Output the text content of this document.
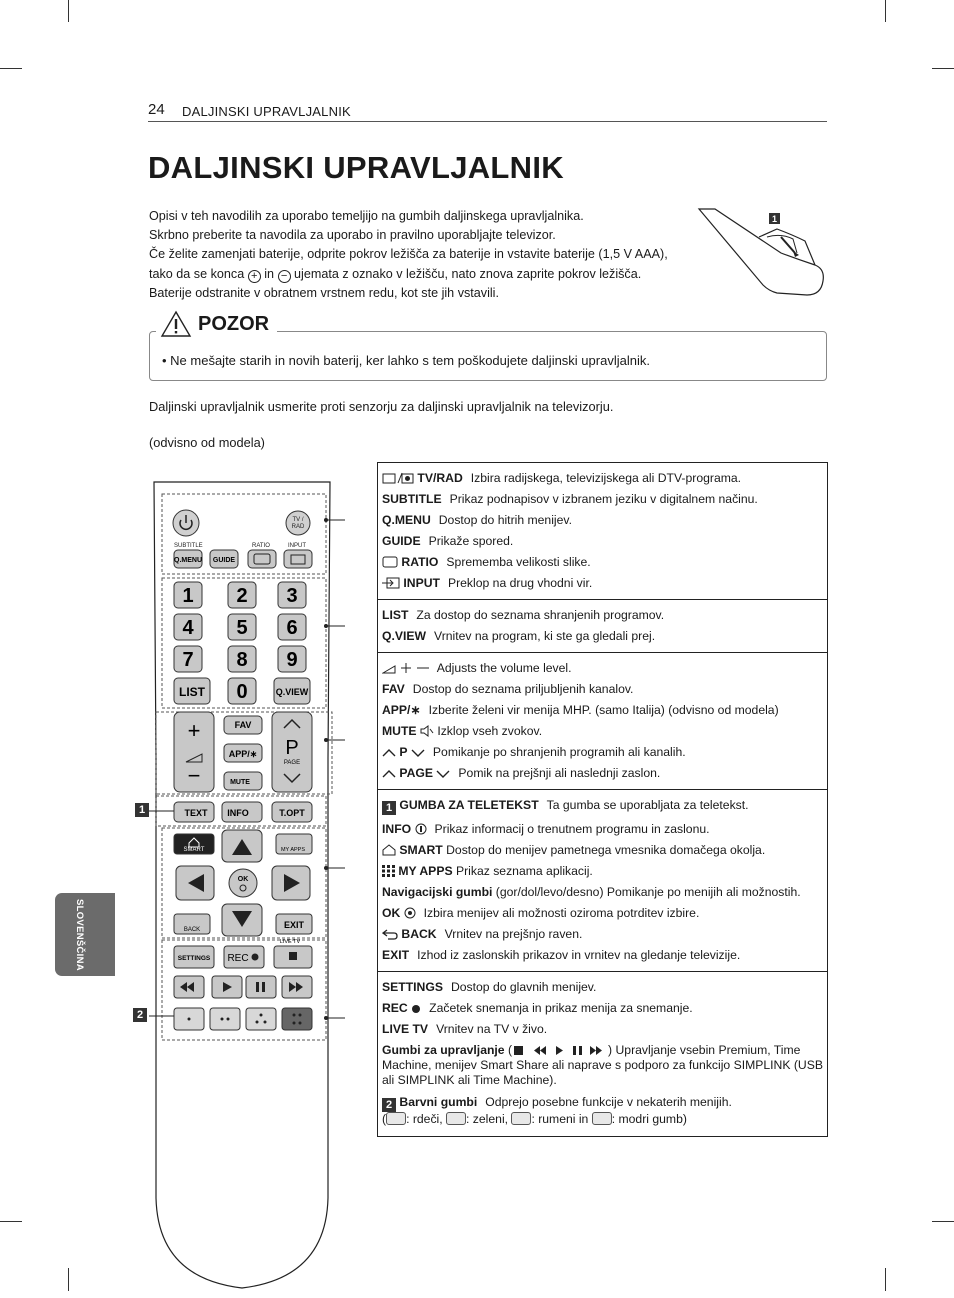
24 DALJINSKI UPRAVLJALNIK
DALJINSKI UPRAVLJALNIK
Opisi v teh navodilih za uporabo temeljijo na gumbih daljinskega upravljalnika.
Skrbno preberite ta navodila za uporabo in pravilno uporabljajte televizor.
Če želite zamenjati baterije, odprite pokrov ležišča za baterije in vstavite baterije (1,5 V AAA),
tako da se konca + in − ujemata z oznako v ležišču, nato znova zaprite pokrov ležišča.
Baterije odstranite v obratnem vrstnem redu, kot ste jih vstavili.
1
POZOR
• Ne mešajte starih in novih baterij, ker lahko s tem poškodujete daljinski upravljalnik.
Daljinski upravljalnik usmerite proti senzorju za daljinski upravljalnik na televizorju.
(odvisno od modela)
SLOVENŠČINA
1
2
TV /
RAD
SUBTITLE	RATIO	INPUT
Q.MENU GUIDE
1 2 3
4 5 6
7 8 9
0
LIST	Q.VIEW
+
−
FAV
APP/∗
MUTE
P
PAGE
TEXT INFO	T.OPT
SMART	MY APPS
OK
BACK	EXIT
SETTINGS REC
LIVE TV
TV/RAD Izbira radijskega, televizijskega ali DTV-programa.
SUBTITLE Prikaz podnapisov v izbranem jeziku v digitalnem načinu.
Q.MENU Dostop do hitrih menijev.
GUIDE Prikaže spored.
RATIO Sprememba velikosti slike.
INPUT Preklop na drug vhodni vir.
LIST Za dostop do seznama shranjenih programov.
Q.VIEW Vrnitev na program, ki ste ga gledali prej.
Adjusts the volume level.
FAV Dostop do seznama priljubljenih kanalov.
APP/∗ Izberite želeni vir menija MHP. (samo Italija) (odvisno od modela)
MUTE Izklop vseh zvokov.
P Pomikanje po shranjenih programih ali kanalih.
PAGE Pomik na prejšnji ali naslednji zaslon.
1 GUMBA ZA TELETEKST Ta gumba se uporabljata za teletekst.
INFO Prikaz informacij o trenutnem programu in zaslonu.
SMART Dostop do menijev pametnega vmesnika domačega okolja.
MY APPS Prikaz seznama aplikacij.
Navigacijski gumbi (gor/dol/levo/desno) Pomikanje po menijih ali možnostih.
OK Izbira menijev ali možnosti oziroma potrditev izbire.
BACK Vrnitev na prejšnjo raven.
EXIT Izhod iz zaslonskih prikazov in vrnitev na gledanje televizije.
SETTINGS Dostop do glavnih menijev.
REC Začetek snemanja in prikaz menija za snemanje.
LIVE TV Vrnitev na TV v živo.
Gumbi za upravljanje (	) Upravljanje vsebin Premium, Time Machine, menijev Smart Share ali naprave s podporo za funkcijo SIMPLINK (USB ali SIMPLINK ali Time Machine).
2 Barvni gumbi Odprejo posebne funkcije v nekaterih menijih.
( : rdeči, : zeleni, : rumeni in : modri gumb)
